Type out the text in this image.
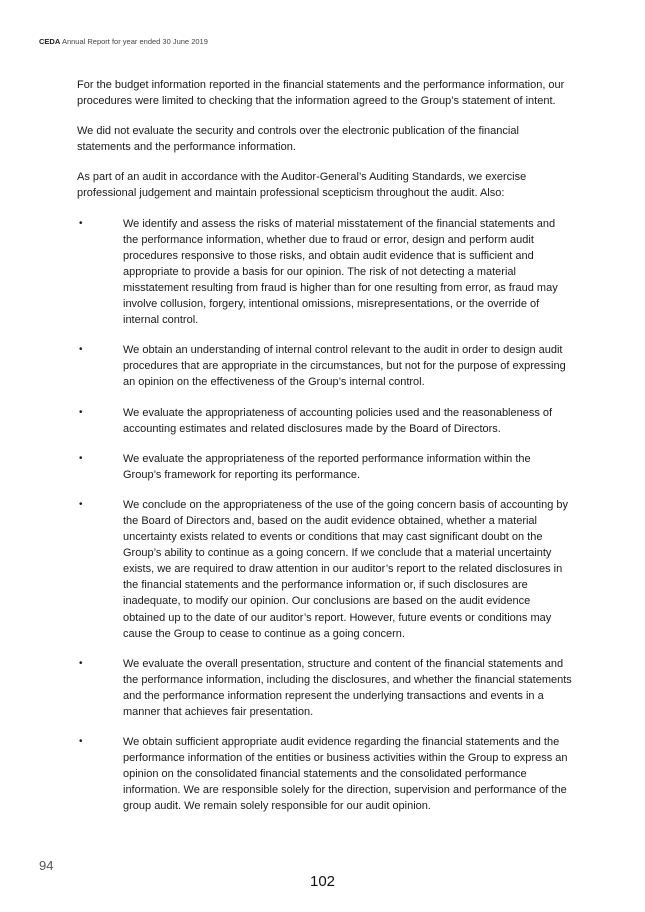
CEDA Annual Report for year ended 30 June 2019

For the budget information reported in the financial statements and the performance information, our procedures were limited to checking that the information agreed to the Group’s statement of intent.

We did not evaluate the security and controls over the electronic publication of the financial statements and the performance information.

As part of an audit in accordance with the Auditor-General’s Auditing Standards, we exercise professional judgement and maintain professional scepticism throughout the audit. Also:

•	We identify and assess the risks of material misstatement of the financial statements and the performance information, whether due to fraud or error, design and perform audit procedures responsive to those risks, and obtain audit evidence that is sufficient and appropriate to provide a basis for our opinion. The risk of not detecting a material misstatement resulting from fraud is higher than for one resulting from error, as fraud may involve collusion, forgery, intentional omissions, misrepresentations, or the override of internal control.
•	We obtain an understanding of internal control relevant to the audit in order to design audit procedures that are appropriate in the circumstances, but not for the purpose of expressing an opinion on the effectiveness of the Group’s internal control.
•	We evaluate the appropriateness of accounting policies used and the reasonableness of accounting estimates and related disclosures made by the Board of Directors.
•	We evaluate the appropriateness of the reported performance information within the Group’s framework for reporting its performance.
•	We conclude on the appropriateness of the use of the going concern basis of accounting by the Board of Directors and, based on the audit evidence obtained, whether a material uncertainty exists related to events or conditions that may cast significant doubt on the Group’s ability to continue as a going concern. If we conclude that a material uncertainty exists, we are required to draw attention in our auditor’s report to the related disclosures in the financial statements and the performance information or, if such disclosures are inadequate, to modify our opinion. Our conclusions are based on the audit evidence obtained up to the date of our auditor’s report. However, future events or conditions may cause the Group to cease to continue as a going concern.
•	We evaluate the overall presentation, structure and content of the financial statements and the performance information, including the disclosures, and whether the financial statements and the performance information represent the underlying transactions and events in a manner that achieves fair presentation.
•	We obtain sufficient appropriate audit evidence regarding the financial statements and the performance information of the entities or business activities within the Group to express an opinion on the consolidated financial statements and the consolidated performance information. We are responsible solely for the direction, supervision and performance of the group audit. We remain solely responsible for our audit opinion.
94
102
